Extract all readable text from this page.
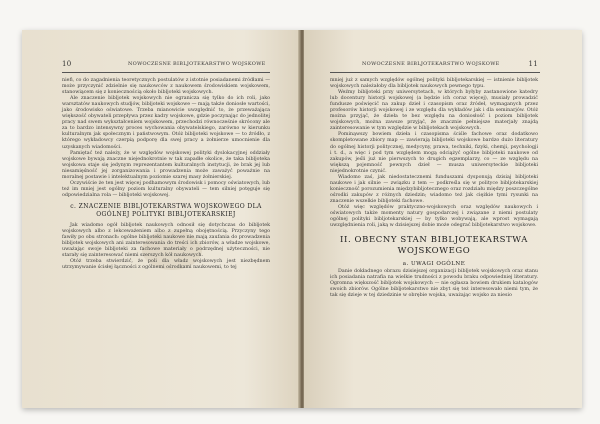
10	NOWOCZESNE BIBLJOTEKARSTWO WOJSKOWE

niefi, co do zagadnienia teoretycznych postulatów z istotnie posiadanemi źródłami — może przyczynić zdzielnie się naukowców z naukowem środowiskiem wojskowem, stanowiącem się z koniecznością około bibljoteki wojskowych.

Ale znaczenie bibljotek wojskowych nie ogranicza się tylko do ich roli, jako warsztatów naukowych studjów, bibljoteki wojskowe — mają także doniosłe wartości, jako środowisko oświatowe. Trzeba mianowicie uwzględnić to, że przeważająca większość obywateli przepływa przez kadry wojskowe, gdzie poczynając do jednolitej pracy nad swem wykształceniem wojskowem, przechodzi równocześnie skrócony ale za to bardzo intensywny proces wychowania obywatelskiego, zarówno w kierunku kulturalnym jak społecznym i państwowym. Otóż bibljoteki wojskowe — to źródło, z którego wykładowcy czerpią podporę dla swej pracy a żołnierze umocnienie dla uzyskanych wiadomości.

Pamiętać też należy, że w względów wojskowej polityki dyslokacyjnej oddziały wojskowe bywają znaczne niejednokrotnie w tak zapadłe okolice, że taka bibljoteka wojskowa staje się jedynym reprezentantem kulturalnych instytucji, że brak jej lub niesamięśność jej zorganizowania i prowadzenia może zaważyć poważnie na moralnej postawie i intelektualnym poziomie szarej masy żołnierskiej.

Oczywiście że ten jest więcej podhamowym środowisk i pomocy oświatowych, lub też im mniej jest ogólny poziom kulturalny obywateli — tem silniej potęguje się odpowiedzialna rola — bibljoteki wojskowej.

c. ZNACZENIE BIBLJOTEKARSTWA WOJSKOWEGO DLA OGÓLNEJ POLITYKI BIBLJOTEKARSKIEJ

Jak wiadomo ogół bibljotek naukowych odnosił się dotychczas do bibljotek wojskowych albo z lekceważeniem albo z zupełną obojętnością. Przyczyny tego fawiły po obu stronach: ogólne bibljoteki naukowe nie mają zaufania do prowadzenia bibljotek wojskowych ani zainteresowania do treści ich zbiorów, a władze wojskowe, uważając swoje bibljoteki za fachowe materiały o podrzędnej użyteczności, nie starały się zainteresować niemi szerszych kół naukowych.

Otóż trzeba stwierdzić, że poli dla władz wojskowych jest niezbędnem utrzymywanie ścisłej łączności z ogólnemi ośrodkami naukowemi, to tej

NOWOCZESNE BIBLJOTEKARSTWO WOJSKOWE	11

mniej już z samych względów ogólnej polityki bibljotekarskiej — istnienie bibljotek wojskowych należałoby dla bibljotek naukowych pewnego typu.

Weźmy bibljoteki przy uniwersytetach, w których byłyby zastanowione katedry lub docentury historji wojskowej (a będzie ich coraz więcej), musiały prowadzić fundusze poświęcić na zakup dzieł i czasopism oraz źródeł, wymaganych przez profesorów historji wojskowej i ze względu dla wykładów jak i dla seminarjów. Otóż można przyjąć, że dzieła te bez względu na doniosłość i poziom bibljotek wojskowych, można zawsze przyjąć, że znacznie pełniejsze materjały znajdą zainteresowanie w tym względzie w bibljotekach wojskowych.

Pominąwszy bowiem dzieła i czasopisma ściśle fachowe oraz dodatkowo skompletowane zbiory map — zawierają bibljoteki wojskowe bardzo dużo literatury do ogólnej historji politycznej, medycyny, prawa, techniki, fizyki, chemji, psychologji i t. d., a więc i pod tym względem mogą odciążyć ogólne bibljoteki naukowe od zakupów, jeśli już nie pierwszych to drugich egzemplarzy, co — ze względu na większą pojemność pewnych dzieł — musza uniwersyteckie bibljoteki niejednokrotnie czynić.

Wiadomo zaś, jak niedostatecznemi funduszami dysponują dzisiaj bibljoteki naukowe i jak silnie — związku z tem — podkreśla się w polityce bibljotekarskiej konieczność porozumienia międzybibljotecznego oraz rozdziału między poszczególne ośrodki zakupów z różnych dziedzin; wiadomo też jak ciężkie tymi rysunki na znaczenie wszelkie bibljoteki fachowe.

Otóż więc względów praktyczno-wojskowych oraz względów naukowych i oświatowych także momenty natury gospodarczej i związane z niemi postulaty ogólnej polityki bibljotekarskiej — by tylko wobywają, ale wprost wymagają uwzględnienia roli, jaką w dzisiejszej dobie może odegrać bibljotekarstwo wojskowe.

II. OBECNY STAN BIBLJOTEKARSTWA WOJSKOWEGO
a. UWAGI OGÓLNE

Danie dokładnego obrazu dzisiejszej organizacji bibljotek wojskowych oraz stanu ich posiadania natrafia na wielkie trudności z powodu braku odpowiedniej literatury. Ogromna większość bibljotek wojskowych — nie ogłasza bowiem drukiem katalogów swoich zbiorów. Ogólne bibljotekarstwo nie zbyt się też interesowało niemi tym, że tak się dzieje w tej dziedzinie w obrębie wojska, uważając wojsko za niesio
